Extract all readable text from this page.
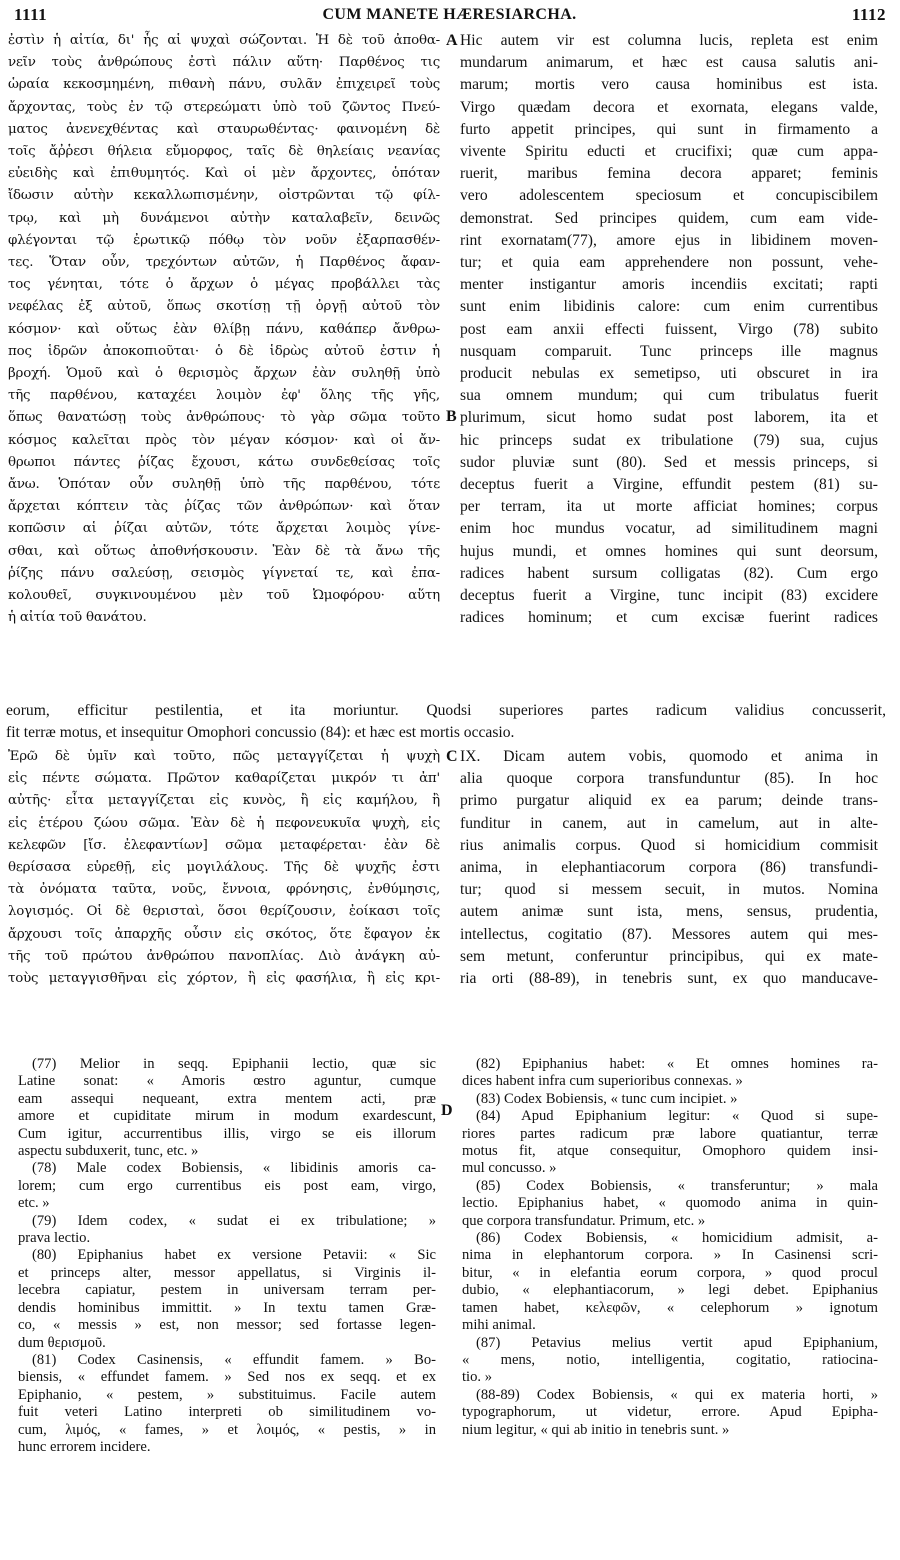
1111	CUM MANETE HÆRESIARCHA.	1112
ἐστὶν ἡ αἰτία, δι' ἧς αἱ ψυχαὶ σώζονται. Ἡ δὲ τοῦ ἀποθα-
νεῖν τοὺς ἀνθρώπους ἐστὶ πάλιν αὕτη· Παρθένος τις
ὡραία κεκοσμημένη, πιθανὴ πάνυ, συλᾶν ἐπιχειρεῖ τοὺς
ἄρχοντας, τοὺς ἐν τῷ στερεώματι ὑπὸ τοῦ ζῶντος Πνεύ-
ματος ἀνενεχθέντας καὶ σταυρωθέντας· φαινομένη δὲ
τοῖς ἄῤῥεσι θήλεια εὔμορφος, ταῖς δὲ θηλείαις νεανίας
εὐειδὴς καὶ ἐπιθυμητός. Καὶ οἱ μὲν ἄρχοντες, ὁπόταν
ἴδωσιν αὐτὴν κεκαλλωπισμένην, οἰστρῶνται τῷ φίλ-
τρῳ, καὶ μὴ δυνάμενοι αὐτὴν καταλαβεῖν, δεινῶς
φλέγονται τῷ ἐρωτικῷ πόθῳ τὸν νοῦν ἐξαρπασθέν-
τες. Ὅταν οὖν, τρεχόντων αὐτῶν, ἡ Παρθένος ἄφαν-
τος γένηται, τότε ὁ ἄρχων ὁ μέγας προβάλλει τὰς
νεφέλας ἐξ αὐτοῦ, ὅπως σκοτίσῃ τῇ ὀργῇ αὐτοῦ τὸν
κόσμον· καὶ οὕτως ἐὰν θλίβῃ πάνυ, καθάπερ ἄνθρω-
πος ἱδρῶν ἀποκοπιοῦται· ὁ δὲ ἱδρὼς αὐτοῦ ἐστιν ἡ
βροχή. Ὁμοῦ καὶ ὁ θερισμὸς ἄρχων ἐὰν συληθῇ ὑπὸ
τῆς παρθένου, καταχέει λοιμὸν ἐφ' ὅλης τῆς γῆς,
ὅπως θανατώσῃ τοὺς ἀνθρώπους· τὸ γὰρ σῶμα τοῦτο
κόσμος καλεῖται πρὸς τὸν μέγαν κόσμον· καὶ οἱ ἄν-
θρωποι πάντες ῥίζας ἔχουσι, κάτω συνδεθείσας τοῖς
ἄνω. Ὁπόταν οὖν συληθῇ ὑπὸ τῆς παρθένου, τότε
ἄρχεται κόπτειν τὰς ῥίζας τῶν ἀνθρώπων· καὶ ὅταν
κοπῶσιν αἱ ῥίζαι αὐτῶν, τότε ἄρχεται λοιμὸς γίνε-
σθαι, καὶ οὕτως ἀποθνήσκουσιν. Ἐὰν δὲ τὰ ἄνω τῆς
ῥίζης πάνυ σαλεύσῃ, σεισμὸς γίγνεταί τε, καὶ ἐπα-
κολουθεῖ, συγκινουμένου μὲν τοῦ Ὠμοφόρου· αὕτη
ἡ αἰτία τοῦ θανάτου.
Hic autem vir est columna lucis, repleta est enim
mundarum animarum, et hæc est causa salutis ani-
marum; mortis vero causa hominibus est ista.
Virgo quædam decora et exornata, elegans valde,
furto appetit principes, qui sunt in firmamento a
vivente Spiritu educti et crucifixi; quæ cum appa-
ruerit, maribus femina decora apparet; feminis
vero adolescentem speciosum et concupiscibilem
demonstrat. Sed principes quidem, cum eam vide-
rint exornatam(77), amore ejus in libidinem moven-
tur; et quia eam apprehendere non possunt, vehe-
menter instigantur amoris incendiis excitati; rapti
sunt enim libidinis calore: cum enim currentibus
post eam anxii effecti fuissent, Virgo (78) subito
nusquam comparuit. Tunc princeps ille magnus
producit nebulas ex semetipso, uti obscuret in ira
sua omnem mundum; qui cum tribulatus fuerit
plurimum, sicut homo sudat post laborem, ita et
hic princeps sudat ex tribulatione (79) sua, cujus
sudor pluviæ sunt (80). Sed et messis princeps, si
deceptus fuerit a Virgine, effundit pestem (81) su-
per terram, ita ut morte afficiat homines; corpus
enim hoc mundus vocatur, ad similitudinem magni
hujus mundi, et omnes homines qui sunt deorsum,
radices habent sursum colligatas (82). Cum ergo
deceptus fuerit a Virgine, tunc incipit (83) excidere
radices hominum; et cum excisæ fuerint radices
A
B
C
D
eorum, efficitur pestilentia, et ita moriuntur. Quodsi superiores partes radicum validius concusserit,
fit terræ motus, et insequitur Omophori concussio (84): et hæc est mortis occasio.
Ἐρῶ δὲ ὑμῖν καὶ τοῦτο, πῶς μεταγγίζεται ἡ ψυχὴ
εἰς πέντε σώματα. Πρῶτον καθαρίζεται μικρόν τι ἀπ'
αὐτῆς· εἶτα μεταγγίζεται εἰς κυνὸς, ἢ εἰς καμήλου, ἢ
εἰς ἑτέρου ζώου σῶμα. Ἐὰν δὲ ἡ πεφονευκυῖα ψυχὴ, εἰς
κελεφῶν [ἴσ. ἐλεφαντίων] σῶμα μεταφέρεται· ἐὰν δὲ
θερίσασα εὑρεθῇ, εἰς μογιλάλους. Τῆς δὲ ψυχῆς ἐστι
τὰ ὀνόματα ταῦτα, νοῦς, ἔννοια, φρόνησις, ἐνθύμησις,
λογισμός. Οἱ δὲ θερισταὶ, ὅσοι θερίζουσιν, ἐοίκασι τοῖς
ἄρχουσι τοῖς ἀπαρχῆς οὖσιν εἰς σκότος, ὅτε ἔφαγον ἐκ
τῆς τοῦ πρώτου ἀνθρώπου πανοπλίας. Διὸ ἀνάγκη αὐ-
τοὺς μεταγγισθῆναι εἰς χόρτον, ἢ εἰς φασήλια, ἢ εἰς κρι-
IX. Dicam autem vobis, quomodo et anima in
alia quoque corpora transfunduntur (85). In hoc
primo purgatur aliquid ex ea parum; deinde trans-
funditur in canem, aut in camelum, aut in alte-
rius animalis corpus. Quod si homicidium commisit
anima, in elephantiacorum corpora (86) transfundi-
tur; quod si messem secuit, in mutos. Nomina
autem animæ sunt ista, mens, sensus, prudentia,
intellectus, cogitatio (87). Messores autem qui mes-
sem metunt, conferuntur principibus, qui ex mate-
ria orti (88-89), in tenebris sunt, ex quo manducave-
(77) Melior in seqq. Epiphanii lectio, quæ sic
Latine sonat: « Amoris œstro aguntur, cumque
eam assequi nequeant, extra mentem acti, præ
amore et cupiditate mirum in modum exardescunt,
Cum igitur, accurrentibus illis, virgo se eis illorum
aspectu subduxerit, tunc, etc. »
(78) Male codex Bobiensis, « libidinis amoris ca-
lorem; cum ergo currentibus eis post eam, virgo,
etc. »
(79) Idem codex, « sudat ei ex tribulatione; »
prava lectio.
(80) Epiphanius habet ex versione Petavii: « Sic
et princeps alter, messor appellatus, si Virginis il-
lecebra capiatur, pestem in universam terram per-
dendis hominibus immittit. » In textu tamen Græ-
co, « messis » est, non messor; sed fortasse legen-
dum θερισμοῦ.
(81) Codex Casinensis, « effundit famem. » Bo-
biensis, « effundet famem. » Sed nos ex seqq. et ex
Epiphanio, « pestem, » substituimus. Facile autem
fuit veteri Latino interpreti ob similitudinem vo-
cum, λιμός, « fames, » et λοιμός, « pestis, » in
hunc errorem incidere.
(82) Epiphanius habet: « Et omnes homines ra-
dices habent infra cum superioribus connexas. »
(83) Codex Bobiensis, « tunc cum incipiet. »
(84) Apud Epiphanium legitur: « Quod si supe-
riores partes radicum præ labore quatiantur, terræ
motus fit, atque consequitur, Omophoro quidem insi-
mul concusso. »
(85) Codex Bobiensis, « transferuntur; » mala
lectio. Epiphanius habet, « quomodo anima in quin-
que corpora transfundatur. Primum, etc. »
(86) Codex Bobiensis, « homicidium admisit, a-
nima in elephantorum corpora. » In Casinensi scri-
bitur, « in elefantia eorum corpora, » quod procul
dubio, « elephantiacorum, » legi debet. Epiphanius
tamen habet, κελεφῶν, « celephorum » ignotum
mihi animal.
(87) Petavius melius vertit apud Epiphanium,
« mens, notio, intelligentia, cogitatio, ratiocina-
tio. »
(88-89) Codex Bobiensis, « qui ex materia horti, »
typographorum, ut videtur, errore. Apud Epipha-
nium legitur, « qui ab initio in tenebris sunt. »
